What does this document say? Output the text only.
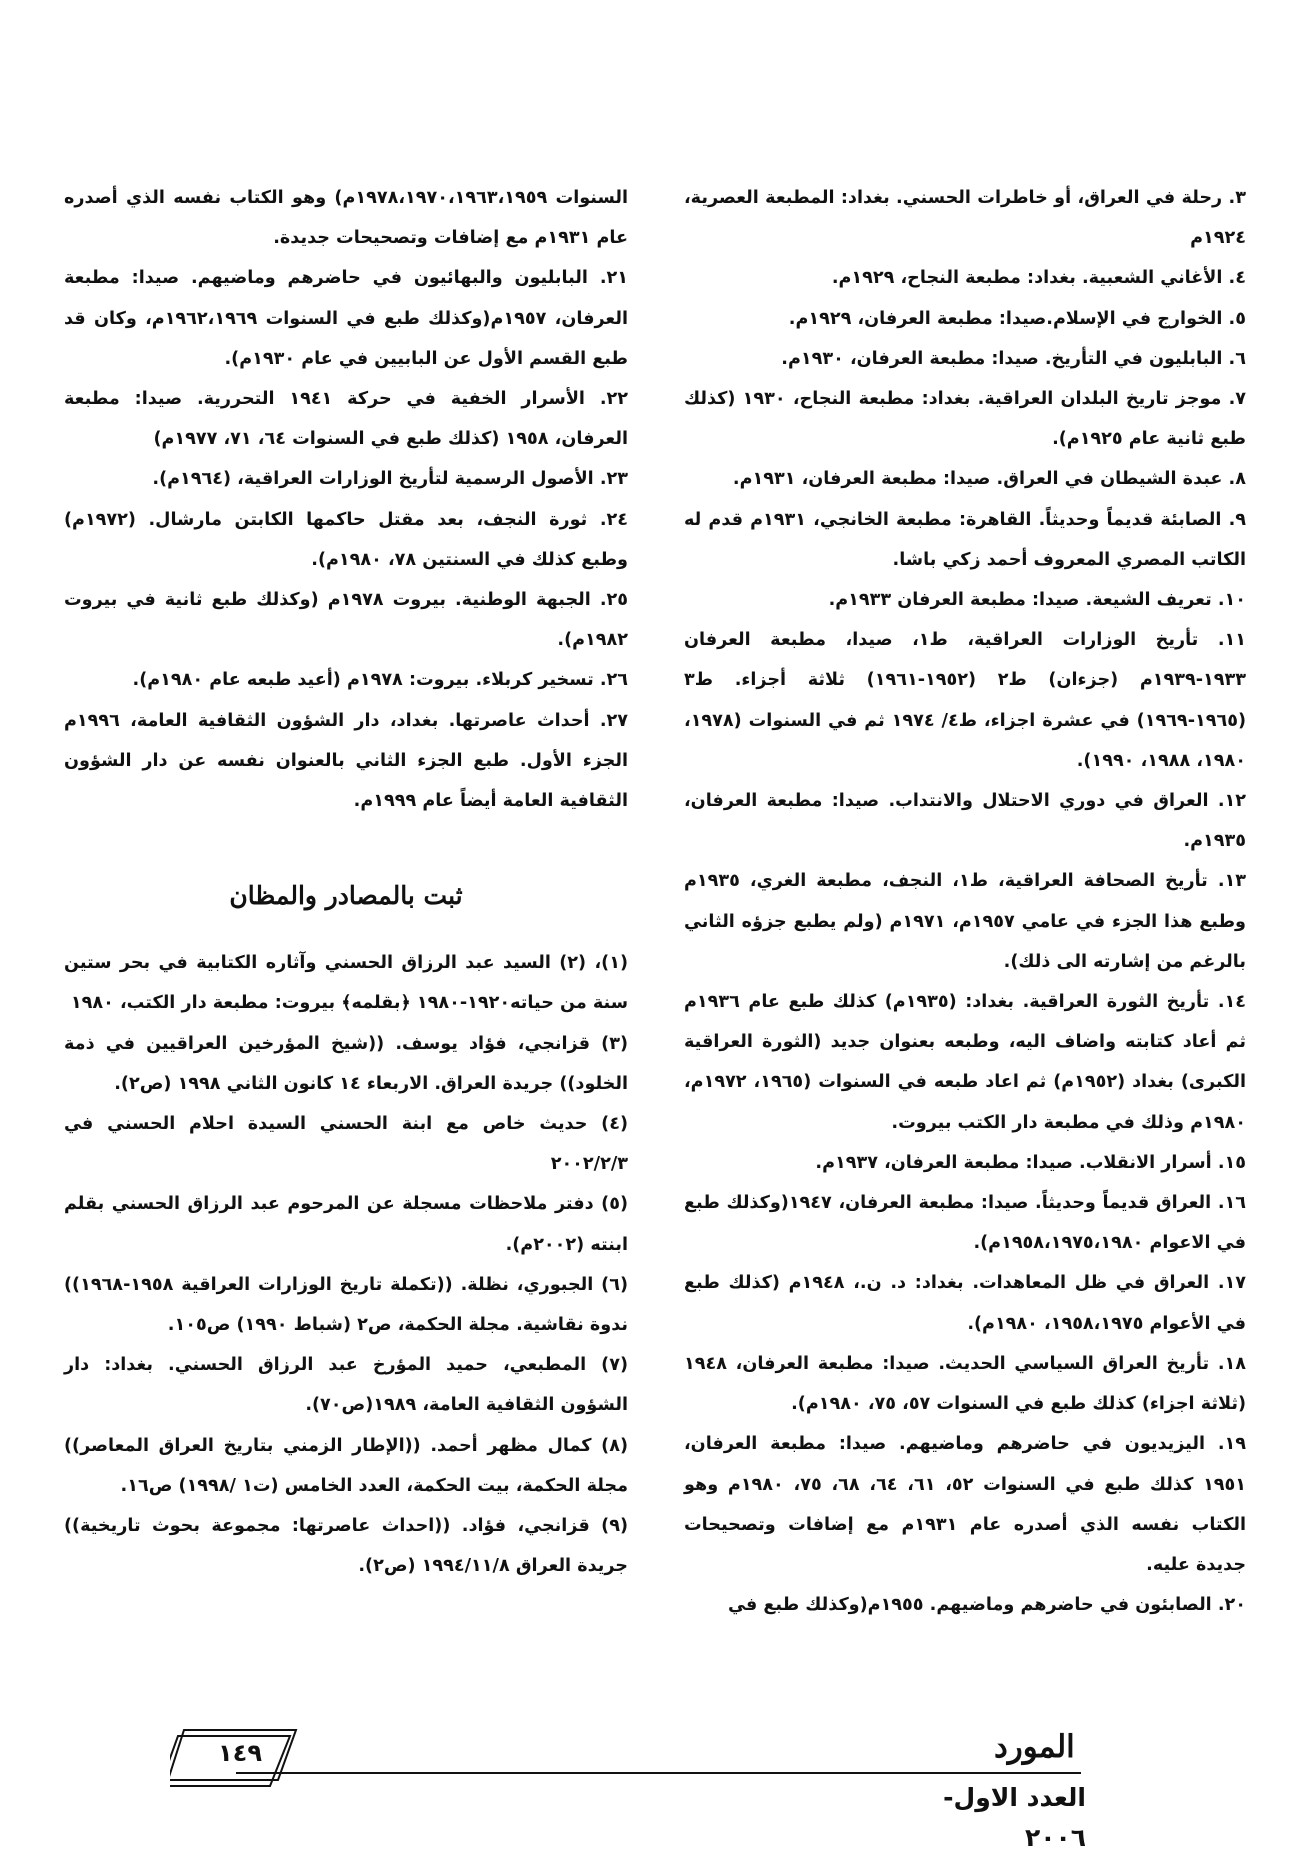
٣. رحلة في العراق، أو خاطرات الحسني. بغداد: المطبعة العصرية، ١٩٢٤م

٤. الأغاني الشعبية. بغداد: مطبعة النجاح، ١٩٢٩م.

٥. الخوارج في الإسلام.صيدا: مطبعة العرفان، ١٩٢٩م.

٦. البابليون في التأريخ. صيدا: مطبعة العرفان، ١٩٣٠م.

٧. موجز تاريخ البلدان العراقية. بغداد: مطبعة النجاح، ١٩٣٠ (كذلك طبع ثانية عام ١٩٢٥م).

٨. عبدة الشيطان في العراق. صيدا: مطبعة العرفان، ١٩٣١م.

٩. الصابئة قديماً وحديثاً. القاهرة: مطبعة الخانجي، ١٩٣١م قدم له الكاتب المصري المعروف أحمد زكي باشا.

١٠. تعريف الشيعة. صيدا: مطبعة العرفان ١٩٣٣م.

١١. تأريخ الوزارات العراقية، ط١، صيدا، مطبعة العرفان ١٩٣٣-١٩٣٩م (جزءان) ط٢ (١٩٥٢-١٩٦١) ثلاثة أجزاء. ط٣ (١٩٦٥-١٩٦٩) في عشرة اجزاء، ط٤/ ١٩٧٤ ثم في السنوات (١٩٧٨، ١٩٨٠، ١٩٨٨، ١٩٩٠).

١٢. العراق في دوري الاحتلال والانتداب. صيدا: مطبعة العرفان، ١٩٣٥م.

١٣. تأريخ الصحافة العراقية، ط١، النجف، مطبعة الغري، ١٩٣٥م وطبع هذا الجزء في عامي ١٩٥٧م، ١٩٧١م (ولم يطبع جزؤه الثاني بالرغم من إشارته الى ذلك).

١٤. تأريخ الثورة العراقية. بغداد: (١٩٣٥م) كذلك طبع عام ١٩٣٦م ثم أعاد كتابته واضاف اليه، وطبعه بعنوان جديد (الثورة العراقية الكبرى) بغداد (١٩٥٢م) ثم اعاد طبعه في السنوات (١٩٦٥، ١٩٧٢م، ١٩٨٠م وذلك في مطبعة دار الكتب بيروت.

١٥. أسرار الانقلاب. صيدا: مطبعة العرفان، ١٩٣٧م.

١٦. العراق قديماً وحديثاً. صيدا: مطبعة العرفان، ١٩٤٧(وكذلك طبع في الاعوام ١٩٥٨،١٩٧٥،١٩٨٠م).

١٧. العراق في ظل المعاهدات. بغداد: د. ن.، ١٩٤٨م (كذلك طبع في الأعوام ١٩٥٨،١٩٧٥، ١٩٨٠م).

١٨. تأريخ العراق السياسي الحديث. صيدا: مطبعة العرفان، ١٩٤٨ (ثلاثة اجزاء) كذلك طبع في السنوات ٥٧، ٧٥، ١٩٨٠م).

١٩. اليزيديون في حاضرهم وماضيهم. صيدا: مطبعة العرفان، ١٩٥١ كذلك طبع في السنوات ٥٢، ٦١، ٦٤، ٦٨، ٧٥، ١٩٨٠م وهو الكتاب نفسه الذي أصدره عام ١٩٣١م مع إضافات وتصحيحات جديدة عليه.

٢٠. الصابئون في حاضرهم وماضيهم. ١٩٥٥م(وكذلك طبع في

السنوات ١٩٧٨،١٩٧٠،١٩٦٣،١٩٥٩م) وهو الكتاب نفسه الذي أصدره عام ١٩٣١م مع إضافات وتصحيحات جديدة.

٢١. البابليون والبهائيون في حاضرهم وماضيهم. صيدا: مطبعة العرفان، ١٩٥٧م(وكذلك طبع في السنوات ١٩٦٢،١٩٦٩م، وكان قد طبع القسم الأول عن البابيين في عام ١٩٣٠م).

٢٢. الأسرار الخفية في حركة ١٩٤١ التحررية. صيدا: مطبعة العرفان، ١٩٥٨ (كذلك طبع في السنوات ٦٤، ٧١، ١٩٧٧م)

٢٣. الأصول الرسمية لتأريخ الوزارات العراقية، (١٩٦٤م).

٢٤. ثورة النجف، بعد مقتل حاكمها الكابتن مارشال. (١٩٧٢م) وطبع كذلك في السنتين ٧٨، ١٩٨٠م).

٢٥. الجبهة الوطنية. بيروت ١٩٧٨م (وكذلك طبع ثانية في بيروت ١٩٨٢م).

٢٦. تسخير كربلاء. بيروت: ١٩٧٨م (أعيد طبعه عام ١٩٨٠م).

٢٧. أحداث عاصرتها. بغداد، دار الشؤون الثقافية العامة، ١٩٩٦م الجزء الأول. طبع الجزء الثاني بالعنوان نفسه عن دار الشؤون الثقافية العامة أيضاً عام ١٩٩٩م.

ثبت بالمصادر والمظان

(١)، (٢) السيد عبد الرزاق الحسني وآثاره الكتابية في بحر ستين سنة من حياته١٩٢٠-١٩٨٠ ﴿بقلمه﴾ بيروت: مطبعة دار الكتب، ١٩٨٠

(٣) قزانجي، فؤاد يوسف. ((شيخ المؤرخين العراقيين في ذمة الخلود)) جريدة العراق. الاربعاء ١٤ كانون الثاني ١٩٩٨ (ص٢).

(٤) حديث خاص مع ابنة الحسني السيدة احلام الحسني في ٢٠٠٢/٢/٣

(٥) دفتر ملاحظات مسجلة عن المرحوم عبد الرزاق الحسني بقلم ابنته (٢٠٠٢م).

(٦) الجبوري، نظلة. ((تكملة تاريخ الوزارات العراقية ١٩٥٨-١٩٦٨)) ندوة نقاشية. مجلة الحكمة، ص٢ (شباط ١٩٩٠) ص١٠٥.

(٧) المطبعي، حميد المؤرخ عبد الرزاق الحسني. بغداد: دار الشؤون الثقافية العامة، ١٩٨٩(ص٧٠).

(٨) كمال مظهر أحمد. ((الإطار الزمني بتاريخ العراق المعاصر)) مجلة الحكمة، بيت الحكمة، العدد الخامس (ت١ /١٩٩٨) ص١٦.

(٩) قزانجي، فؤاد. ((احداث عاصرتها: مجموعة بحوث تاريخية)) جريدة العراق ١٩٩٤/١١/٨ (ص٢).

١٤٩	المورد
العدد الاول- ٢٠٠٦
